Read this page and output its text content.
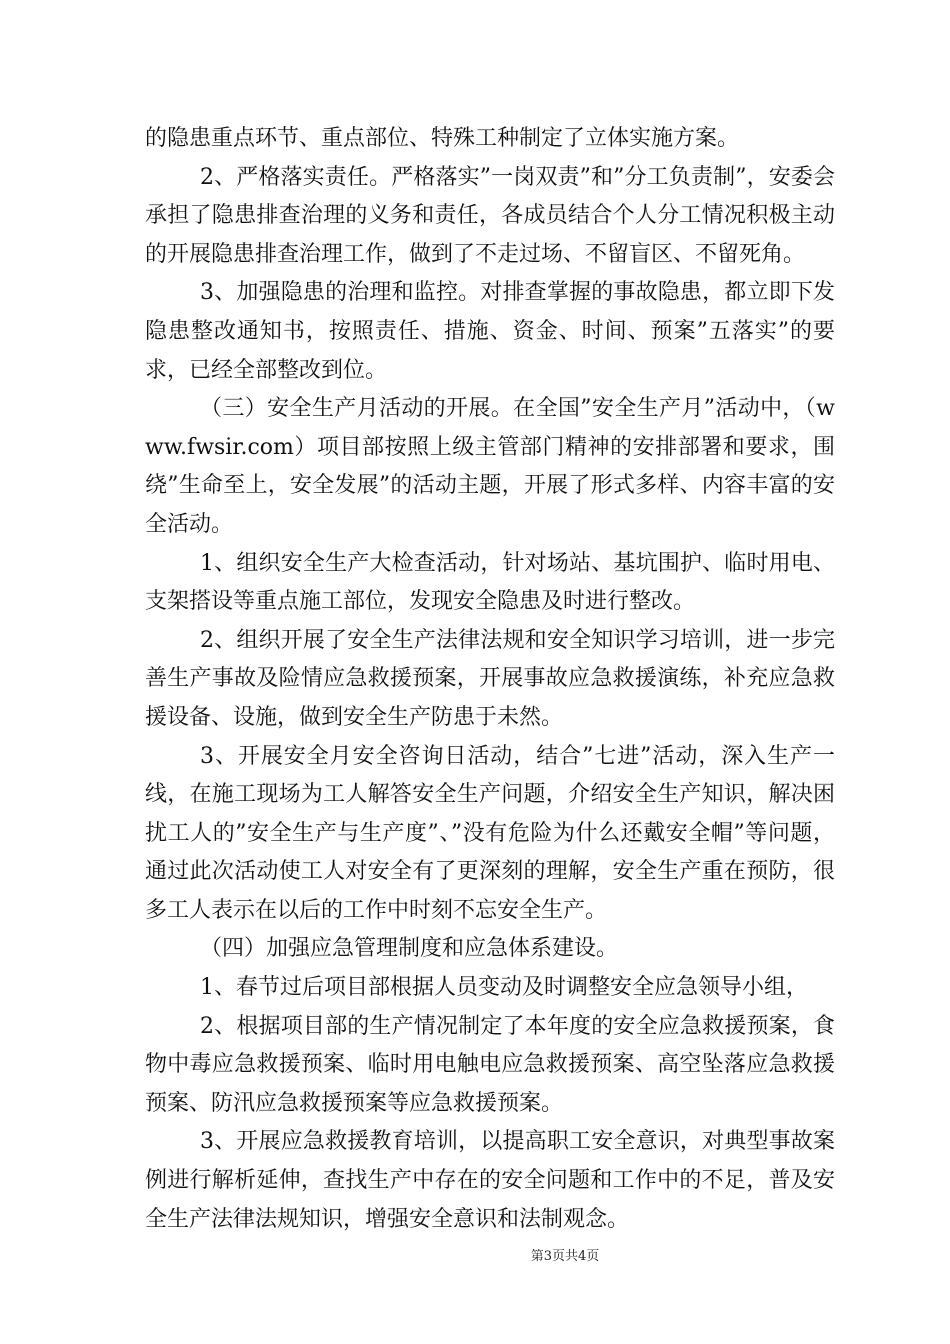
的隐患重点环节、重点部位、特殊工种制定了立体实施方案。

2、严格落实责任。严格落实”一岗双责”和”分工负责制”，安委会承担了隐患排查治理的义务和责任，各成员结合个人分工情况积极主动的开展隐患排查治理工作，做到了不走过场、不留盲区、不留死角。

3、加强隐患的治理和监控。对排查掌握的事故隐患，都立即下发隐患整改通知书，按照责任、措施、资金、时间、预案”五落实”的要求，已经全部整改到位。

（三）安全生产月活动的开展。在全国”安全生产月”活动中，（www.fwsir.com）项目部按照上级主管部门精神的安排部署和要求，围绕”生命至上，安全发展”的活动主题，开展了形式多样、内容丰富的安全活动。

1、组织安全生产大检查活动，针对场站、基坑围护、临时用电、支架搭设等重点施工部位，发现安全隐患及时进行整改。

2、组织开展了安全生产法律法规和安全知识学习培训，进一步完善生产事故及险情应急救援预案，开展事故应急救援演练，补充应急救援设备、设施，做到安全生产防患于未然。

3、开展安全月安全咨询日活动，结合”七进”活动，深入生产一线，在施工现场为工人解答安全生产问题，介绍安全生产知识，解决困扰工人的”安全生产与生产度”、”没有危险为什么还戴安全帽”等问题，通过此次活动使工人对安全有了更深刻的理解，安全生产重在预防，很多工人表示在以后的工作中时刻不忘安全生产。

（四）加强应急管理制度和应急体系建设。

1、春节过后项目部根据人员变动及时调整安全应急领导小组，

2、根据项目部的生产情况制定了本年度的安全应急救援预案，食物中毒应急救援预案、临时用电触电应急救援预案、高空坠落应急救援预案、防汛应急救援预案等应急救援预案。

3、开展应急救援教育培训，以提高职工安全意识，对典型事故案例进行解析延伸，查找生产中存在的安全问题和工作中的不足，普及安全生产法律法规知识，增强安全意识和法制观念。

第3页共4页
